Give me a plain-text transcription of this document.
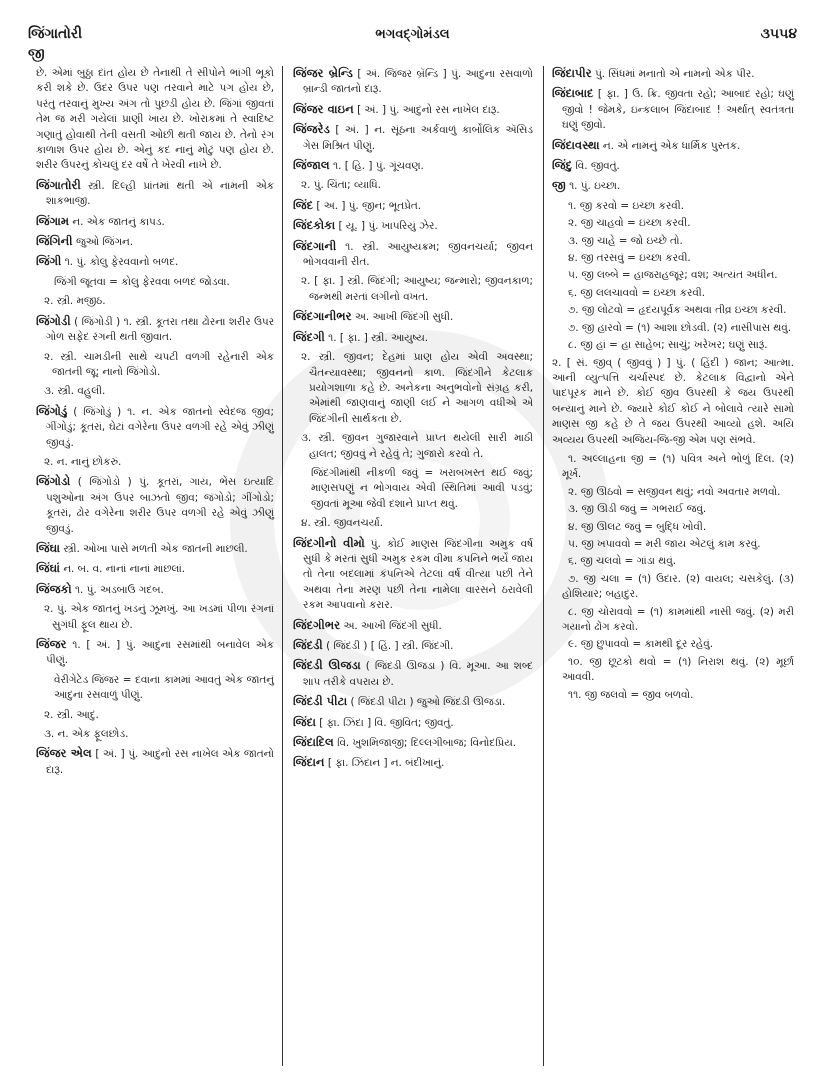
જિંગાતોરી	ભગવદ્ગોમંડલ	૩૫૫૪
જી

છે. એમાં બુઠ્ઠા દાંત હોય છે તેનાથી તે સીપોને ભાંગી ભૂકો કરી શકે છે. ઉદર ઉપર પણ તરવાને માટે પગ હોય છે, પરંતુ તરવાનું મુખ્ય અંગ તો પુછડી હોય છે. જિંગાં જીવતાં તેમ જ મરી ગયેલાં પ્રાણી ખાય છે. ખોરાકમાં તે સ્વાદિષ્ટ ગણાતું હોવાથી તેની વસતી ઓછી થતી જાય છે. તેનો રંગ કાળાશ ઉપર હોય છે. એનું કદ નાનું મોટું પણ હોય છે. શરીર ઉપરનું કોચલું દર વર્ષે તે ખેરવી નાખે છે.

જિંગાતોરી સ્ત્રી. દિલ્હી પ્રાંતમાં થતી એ નામની એક શાકભાજી.

જિંગામ ન. એક જાતનું કાપડ.

જિંગિની જુઓ જિંગન.

જિંગી ૧. પું. કોલુ ફેરવવાનો બળદ.

જિંગી જૂતવા = કોલુ ફેરવવા બળદ જોડવા.

૨. સ્ત્રી. મજીઠ.

જિંગોડી ( જિંગોડી ) ૧. સ્ત્રી. કૂતરા તથા ઢોરના શરીર ઉપર ગોળ સફેદ રંગની થતી જીવાત.

૨. સ્ત્રી. ચામડીની સાથે ચપટી વળગી રહેનારી એક જાતની જૂ; નાનો જિંગોડો.

૩. સ્ત્રી. વહુલી.

જિંગોડું ( જિંગોડું ) ૧. ન. એક જાતનો સ્વેદજ જીવ; ગીંગોડું; કૂતરાં, ઘેટાં વગેરેના ઉપર વળગી રહે એવું ઝીણું જીવડું.

૨. ન. નાનું છોકરું.

જિંગોડો ( જિંગોડો ) પું. કૂતરાં, ગાય, ભેંસ ઇત્યાદિ પશુઓના અંગ ઉપર બાઝતો જીવ; જંગોડો; ગીંગોડો; કૂતરાં, ઢોર વગેરેના શરીર ઉપર વળગી રહે એવું ઝીણું જીવડું.

જિંઘા સ્ત્રી. ઓખા પાસે મળતી એક જાતની માછલી.

જિંઘાં ન. બ. વ. નાનાં નાનાં માછલાં.

જિંજકો ૧. પું. અડબાઉ ગદબ.

૨. પું. એક જાતનું ખડનું ઝૂમખું. આ ખડમાં પીળા રંગનાં સુગંધી ફૂલ થાય છે.

જિંજર ૧. [ અં. ] પું. આદુના રસમાંથી બનાવેલ એક પીણું.

વેરીગેટેડ જિંજર = દવાના કામમાં આવતું એક જાતનું આદુના રસવાળું પીણું.

૨. સ્ત્રી. આદુ.

૩. ન. એક ફૂલછોડ.

જિંજર એલ [ અં. ] પું. આદુનો રસ નાખેલ એક જાતનો દારૂ.

જિંજર બ્રેન્ડિ [ અં. જિંજર બ્રૅન્ડિ ] પું. આદુના રસવાળો બ્રાન્ડી જાતનો દારૂ.

જિંજર વાઇન [ અં. ] પું. આદુનો રસ નાખેલ દારૂ.

જિંજરેડ [ અં. ] ન. સૂંઠના અર્કવાળું કાર્બોલિક ઍસિડ ગેસ મિશ્રિત પીણું.

જિંજાલ ૧. [ હિ. ] પું. ગૂંચવણ.

૨. પું. ચિંતા; વ્યાધિ.

જિંદ [ અ. ] પું. જીન; ભૂતપ્રેત.

જિંદકોકા [ યૂ. ] પું. ખાપરિયું ઝેર.

જિંદગાની ૧. સ્ત્રી. આયુષ્યક્રમ; જીવનચર્યા; જીવન ભોગવવાની રીત.

૨. [ ફા. ] સ્ત્રી. જિંદગી; આયુષ્ય; જન્મારો; જીવનકાળ; જન્મથી મરતાં લગીનો વખત.

જિંદગાનીભર અ. આખી જિંદગી સુધી.

જિંદગી ૧. [ ફા. ] સ્ત્રી. આયુષ્ય.

૨. સ્ત્રી. જીવન; દેહમાં પ્રાણ હોય એવી અવસ્થા; ચૈતન્યાવસ્થા; જીવનનો કાળ. જિંદગીને કેટલાક પ્રયોગશાળા કહે છે. અનેકના અનુભવોનો સંગ્રહ કરી, એમાંથી જાણવાનું જાણી લઈ ને આગળ વધીએ એ જિંદગીની સાર્થકતા છે.

૩. સ્ત્રી. જીવન ગુજારવાને પ્રાપ્ત થયેલી સારી માઠી હાલત; જીવવું ને રહેવું તે; ગુજારો કરવો તે.

જિંદગીમાંથી નીકળી જવું = ખરાબખસ્ત થઈ જવું; માણસપણું ન ભોગવાય એવી સ્થિતિમાં આવી પડવું; જીવતાં મૂઆ જેવી દશાને પ્રાપ્ત થવું.

૪. સ્ત્રી. જીવનચર્યા.

જિંદગીનો વીમો પું. કોઈ માણસ જિંદગીના અમુક વર્ષ સુધી કે મરતાં સુધી અમુક રકમ વીમા કંપનિને ભર્યે જાય તો તેના બદલામાં કંપનિએ તેટલાં વર્ષ વીત્યા પછી તેને અથવા તેના મરણ પછી તેના નામેલા વારસને ઠરાવેલી રકમ આપવાનો કરાર.

જિંદગીભર અ. આખી જિંદગી સુધી.

જિંદડી ( જિંદડી ) [ હિં. ] સ્ત્રી. જિંદગી.

જિંદડી ઊજડા ( જિંદડી ઊજડા ) વિ. મૂઆ. આ શબ્દ શાપ તરીકે વપરાય છે.

જિંદડી પીટા ( જિંદડી પીટા ) જુઓ જિંદડી ઊજડા.

જિંદા [ ફા. ઝિંદા ] વિ. જીવિત; જીવતું.

જિંદાદિલ વિ. ખુશમિજાજી; દિલ્લગીબાજ; વિનોદપ્રિય.

જિંદાન [ ફા. ઝિંદાન ] ન. બંદીખાનું.

જિંદાપીર પું. સિંધમાં મનાતો એ નામનો એક પીર.

જિંદાબાદ [ ફા. ] ઉ. ક્રિ. જીવતા રહો; આબાદ રહો; ઘણું જીવો ! જેમકે, ઇન્કલાબ જિંદાબાદ ! અર્થાત્ સ્વતંત્રતા ઘણું જીવો.

જિંદાવસ્થા ન. એ નામનું એક ધાર્મિક પુસ્તક.

જિંદુ વિ. જીવતું.

જી ૧. પું. ઇચ્છા.

૧. જી કરવો = ઇચ્છા કરવી.

૨. જી ચાહવો = ઇચ્છા કરવી.

૩. જી ચાહે = જો ઇચ્છે તો.

૪. જી તરસવું = ઇચ્છા કરવી.

૫. જી લબ્બે = હાજરાહજૂર; વશ; અત્યંત અધીન.

૬. જી લલચાવવો = ઇચ્છા કરવી.

૭. જી લોટવો = હૃદયપૂર્વક અથવા તીવ્ર ઇચ્છા કરવી.

૭. જી હારવો = (૧) આશા છોડવી. (૨) નાસીપાસ થવું.

૮. જી હાં = હા સાહેબ; સાચું; ખરેખર; ઘણું સારૂં.

૨. [ સં. જીવ્ ( જીવવું ) ] પું. ( હિંદી ) જાન; આત્મા. આની વ્યુત્પત્તિ ચર્ચાસ્પદ છે. કેટલાક વિદ્વાનો એને પાદપૂરક માને છે. કોઈ જીવ ઉપરથી કે જય ઉપરથી બન્યાનું માને છે. જ્યારે કોઈ કોઈ ને બોલાવે ત્યારે સામો માણસ જી કહે છે તે જય ઉપરથી આવ્યો હશે. અયિ અવ્યય ઉપરથી અજિય-જિ-જી એમ પણ સંભવે.

૧. અલ્લાહના જી = (૧) પવિત્ર અને ભોળું દિલ. (૨) મૂર્ખ.

૨. જી ઊઠવો = સજીવન થવું; નવો અવતાર મળવો.

૩. જી ઊડી જવું = ગભરાઈ જવું.

૪. જી ઊલટ જવું = બુદ્ધિ ખોવી.

૫. જી ખપાવવો = મરી જાય એટલું કામ કરવું.

૬. જી ચલવો = ગાંડા થવું.

૭. જી ચલા = (૧) ઉદાર. (૨) વાયલ; ચસકેલું. (૩) હોશિયાર; બહાદુર.

૮. જી ચોરાવવો = (૧) કામમાંથી નાસી જવું. (૨) મરી ગયાનો ઢોંગ કરવો.

૯. જી છુપાવવો = કામથી દૂર રહેવું.

૧૦. જી છૂટકો થવો = (૧) નિરાશ થવું. (૨) મૂર્છા આવવી.

૧૧. જી જલવો = જીવ બળવો.
